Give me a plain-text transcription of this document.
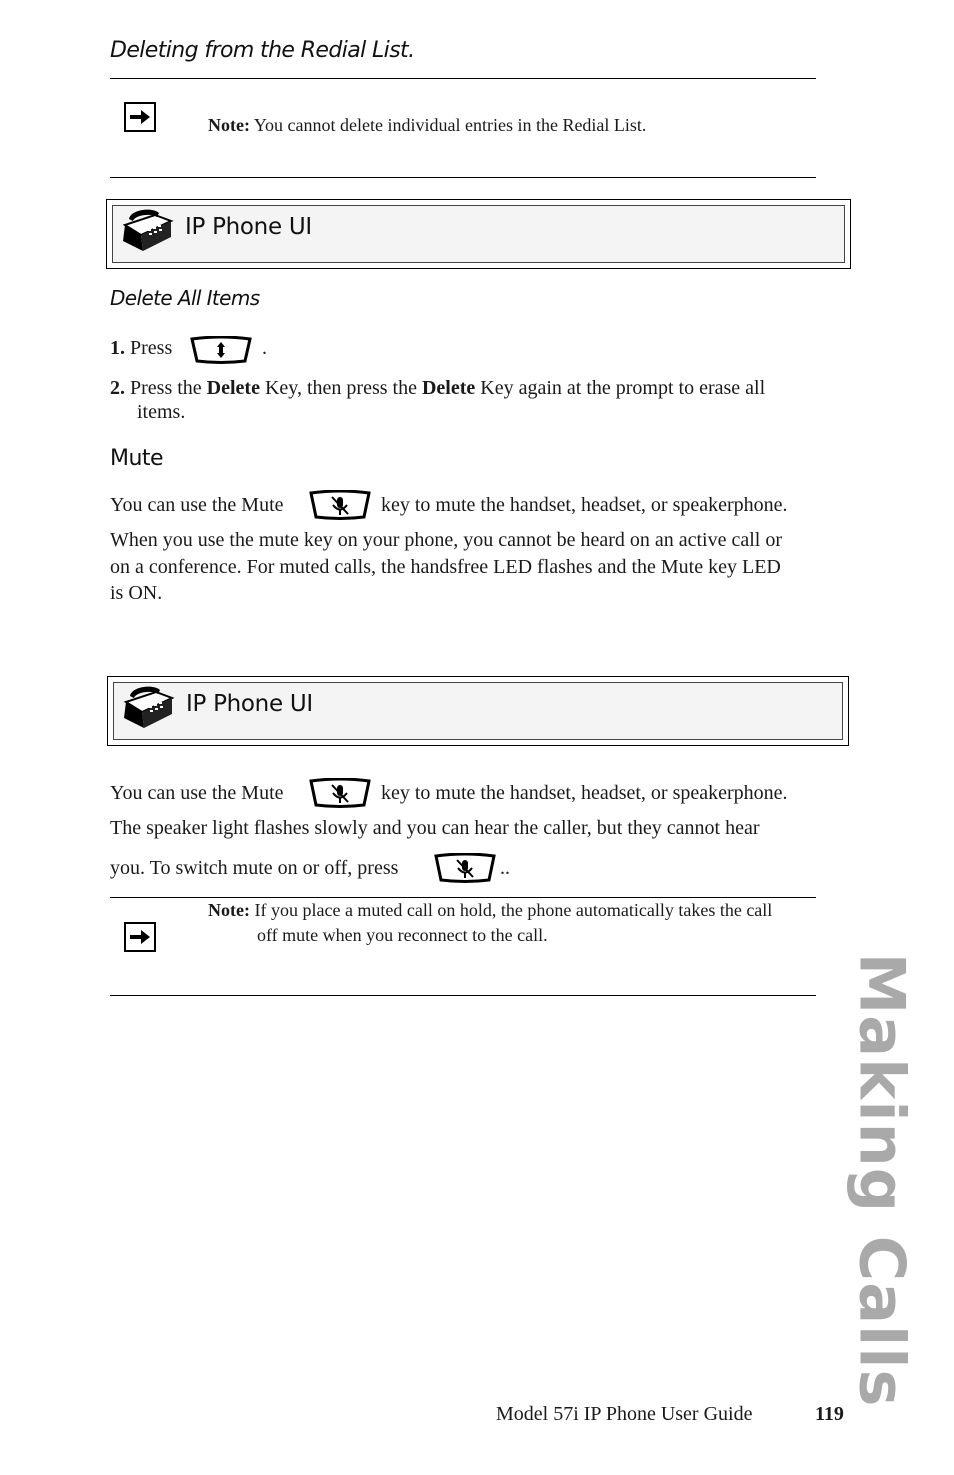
Deleting from the Redial List.
Note: You cannot delete individual entries in the Redial List.
IP Phone UI
Delete All Items
1. Press	.
2. Press the Delete Key, then press the Delete Key again at the prompt to erase all
items.
Mute
You can use the Mute	key to mute the handset, headset, or speakerphone.
When you use the mute key on your phone, you cannot be heard on an active call or
on a conference. For muted calls, the handsfree LED flashes and the Mute key LED
is ON.
IP Phone UI
You can use the Mute	key to mute the handset, headset, or speakerphone.
The speaker light flashes slowly and you can hear the caller, but they cannot hear
you. To switch mute on or off, press	..
Note: If you place a muted call on hold, the phone automatically takes the call
off mute when you reconnect to the call.
Making Calls
Model 57i IP Phone User Guide	119
